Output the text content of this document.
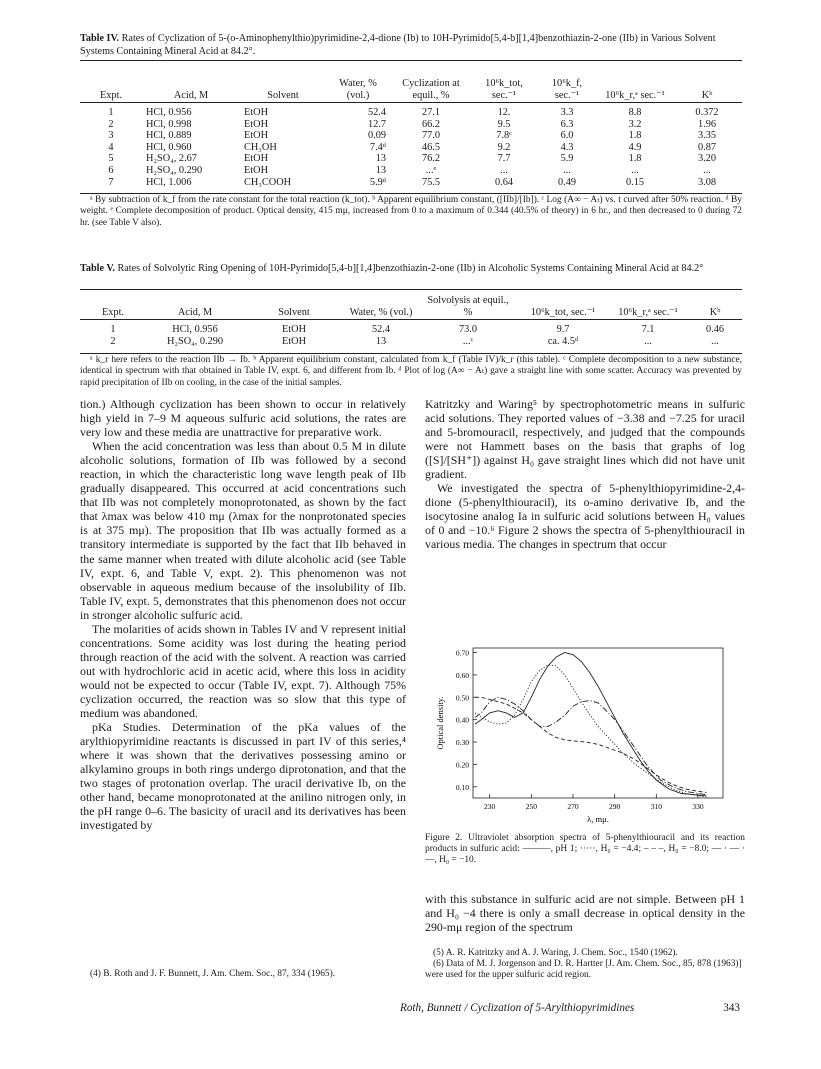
Table IV. Rates of Cyclization of 5-(o-Aminophenylthio)pyrimidine-2,4-dione (Ib) to 10H-Pyrimido[5,4-b][1,4]benzothiazin-2-one (IIb) in Various Solvent Systems Containing Mineral Acid at 84.2°.
Expt.	Acid, M	Solvent	Water, % (vol.)	Cyclization at equil., %	10⁶k_tot, sec.⁻¹	10⁶k_f, sec.⁻¹	10⁶k_r,ᵃ sec.⁻¹	Kᵇ

1	HCl, 0.956	EtOH	52.4	27.1	12.	3.3	8.8	0.372
2	HCl, 0.998	EtOH	12.7	66.2	9.5	6.3	3.2	1.96
3	HCl, 0.889	EtOH	0.09	77.0	7.8ᶜ	6.0	1.8	3.35
4	HCl, 0.960	CH₃OH	7.4ᵈ	46.5	9.2	4.3	4.9	0.87
5	H₂SO₄, 2.67	EtOH	13	76.2	7.7	5.9	1.8	3.20
6	H₂SO₄, 0.290	EtOH	13	...ᵉ	...	...	...	...
7	HCl, 1.006	CH₃COOH	5.9ᵈ	75.5	0.64	0.49	0.15	3.08
ᵃ By subtraction of k_f from the rate constant for the total reaction (k_tot). ᵇ Apparent equilibrium constant, ([IIb]/[Ib]). ᶜ Log (A∞ − Aₜ) vs. t curved after 50% reaction. ᵈ By weight. ᵉ Complete decomposition of product. Optical density, 415 mμ, increased from 0 to a maximum of 0.344 (40.5% of theory) in 6 hr., and then decreased to 0 during 72 hr. (see Table V also).
Table V. Rates of Solvolytic Ring Opening of 10H-Pyrimido[5,4-b][1,4]benzothiazin-2-one (IIb) in Alcoholic Systems Containing Mineral Acid at 84.2°
Expt.	Acid, M	Solvent	Water, % (vol.)	Solvolysis at equil., %	10⁶k_tot, sec.⁻¹	10⁶k_r,ᵃ sec.⁻¹	Kᵇ

1	HCl, 0.956	EtOH	52.4	73.0	9.7	7.1	0.46
2	H₂SO₄, 0.290	EtOH	13	...ᶜ	ca. 4.5ᵈ	...	...
ᵃ k_r here refers to the reaction IIb → Ib. ᵇ Apparent equilibrium constant, calculated from k_f (Table IV)/k_r (this table). ᶜ Complete decomposition to a new substance, identical in spectrum with that obtained in Table IV, expt. 6, and different from Ib. ᵈ Plot of log (A∞ − Aₜ) gave a straight line with some scatter. Accuracy was prevented by rapid precipitation of IIb on cooling, in the case of the initial samples.

tion.) Although cyclization has been shown to occur in relatively high yield in 7–9 M aqueous sulfuric acid solutions, the rates are very low and these media are unattractive for preparative work.

When the acid concentration was less than about 0.5 M in dilute alcoholic solutions, formation of IIb was followed by a second reaction, in which the characteristic long wave length peak of IIb gradually disappeared. This occurred at acid concentrations such that IIb was not completely monoprotonated, as shown by the fact that λmax was below 410 mμ (λmax for the nonprotonated species is at 375 mμ). The proposition that IIb was actually formed as a transitory intermediate is supported by the fact that IIb behaved in the same manner when treated with dilute alcoholic acid (see Table IV, expt. 6, and Table V, expt. 2). This phenomenon was not observable in aqueous medium because of the insolubility of IIb. Table IV, expt. 5, demonstrates that this phenomenon does not occur in stronger alcoholic sulfuric acid.

The molarities of acids shown in Tables IV and V represent initial concentrations. Some acidity was lost during the heating period through reaction of the acid with the solvent. A reaction was carried out with hydrochloric acid in acetic acid, where this loss in acidity would not be expected to occur (Table IV, expt. 7). Although 75% cyclization occurred, the reaction was so slow that this type of medium was abandoned.

pKa Studies. Determination of the pKa values of the arylthiopyrimidine reactants is discussed in part IV of this series,⁴ where it was shown that the derivatives possessing amino or alkylamino groups in both rings undergo diprotonation, and that the two stages of protonation overlap. The uracil derivative Ib, on the other hand, became monoprotonated at the anilino nitrogen only, in the pH range 0–6. The basicity of uracil and its derivatives has been investigated by

(4) B. Roth and J. F. Bunnett, J. Am. Chem. Soc., 87, 334 (1965).

Katritzky and Waring⁵ by spectrophotometric means in sulfuric acid solutions. They reported values of −3.38 and −7.25 for uracil and 5-bromouracil, respectively, and judged that the compounds were not Hammett bases on the basis that graphs of log ([S]/[SH⁺]) against H₀ gave straight lines which did not have unit gradient.

We investigated the spectra of 5-phenylthiopyrimidine-2,4-dione (5-phenylthiouracil), its o-amino derivative Ib, and the isocytosine analog Ia in sulfuric acid solutions between H₀ values of 0 and −10.⁶ Figure 2 shows the spectra of 5-phenylthiouracil in various media. The changes in spectrum that occur

0.10
0.20
0.30
0.40
0.50
0.60
0.70
230	250	270	290	310	330
Optical density.
λ, mμ.
Figure 2. Ultraviolet absorption spectra of 5-phenylthiouracil and its reaction products in sulfuric acid: ———, pH 1; ·····, H₀ = −4.4; – – –, H₀ = −8.0; — · — · —, H₀ = −10.
with this substance in sulfuric acid are not simple. Between pH 1 and H₀ −4 there is only a small decrease in optical density in the 290-mμ region of the spectrum
(5) A. R. Katritzky and A. J. Waring, J. Chem. Soc., 1540 (1962).
(6) Data of M. J. Jorgenson and D. R. Hartter [J. Am. Chem. Soc., 85, 878 (1963)] were used for the upper sulfuric acid region.
Roth, Bunnett / Cyclization of 5-Arylthiopyrimidines	343
